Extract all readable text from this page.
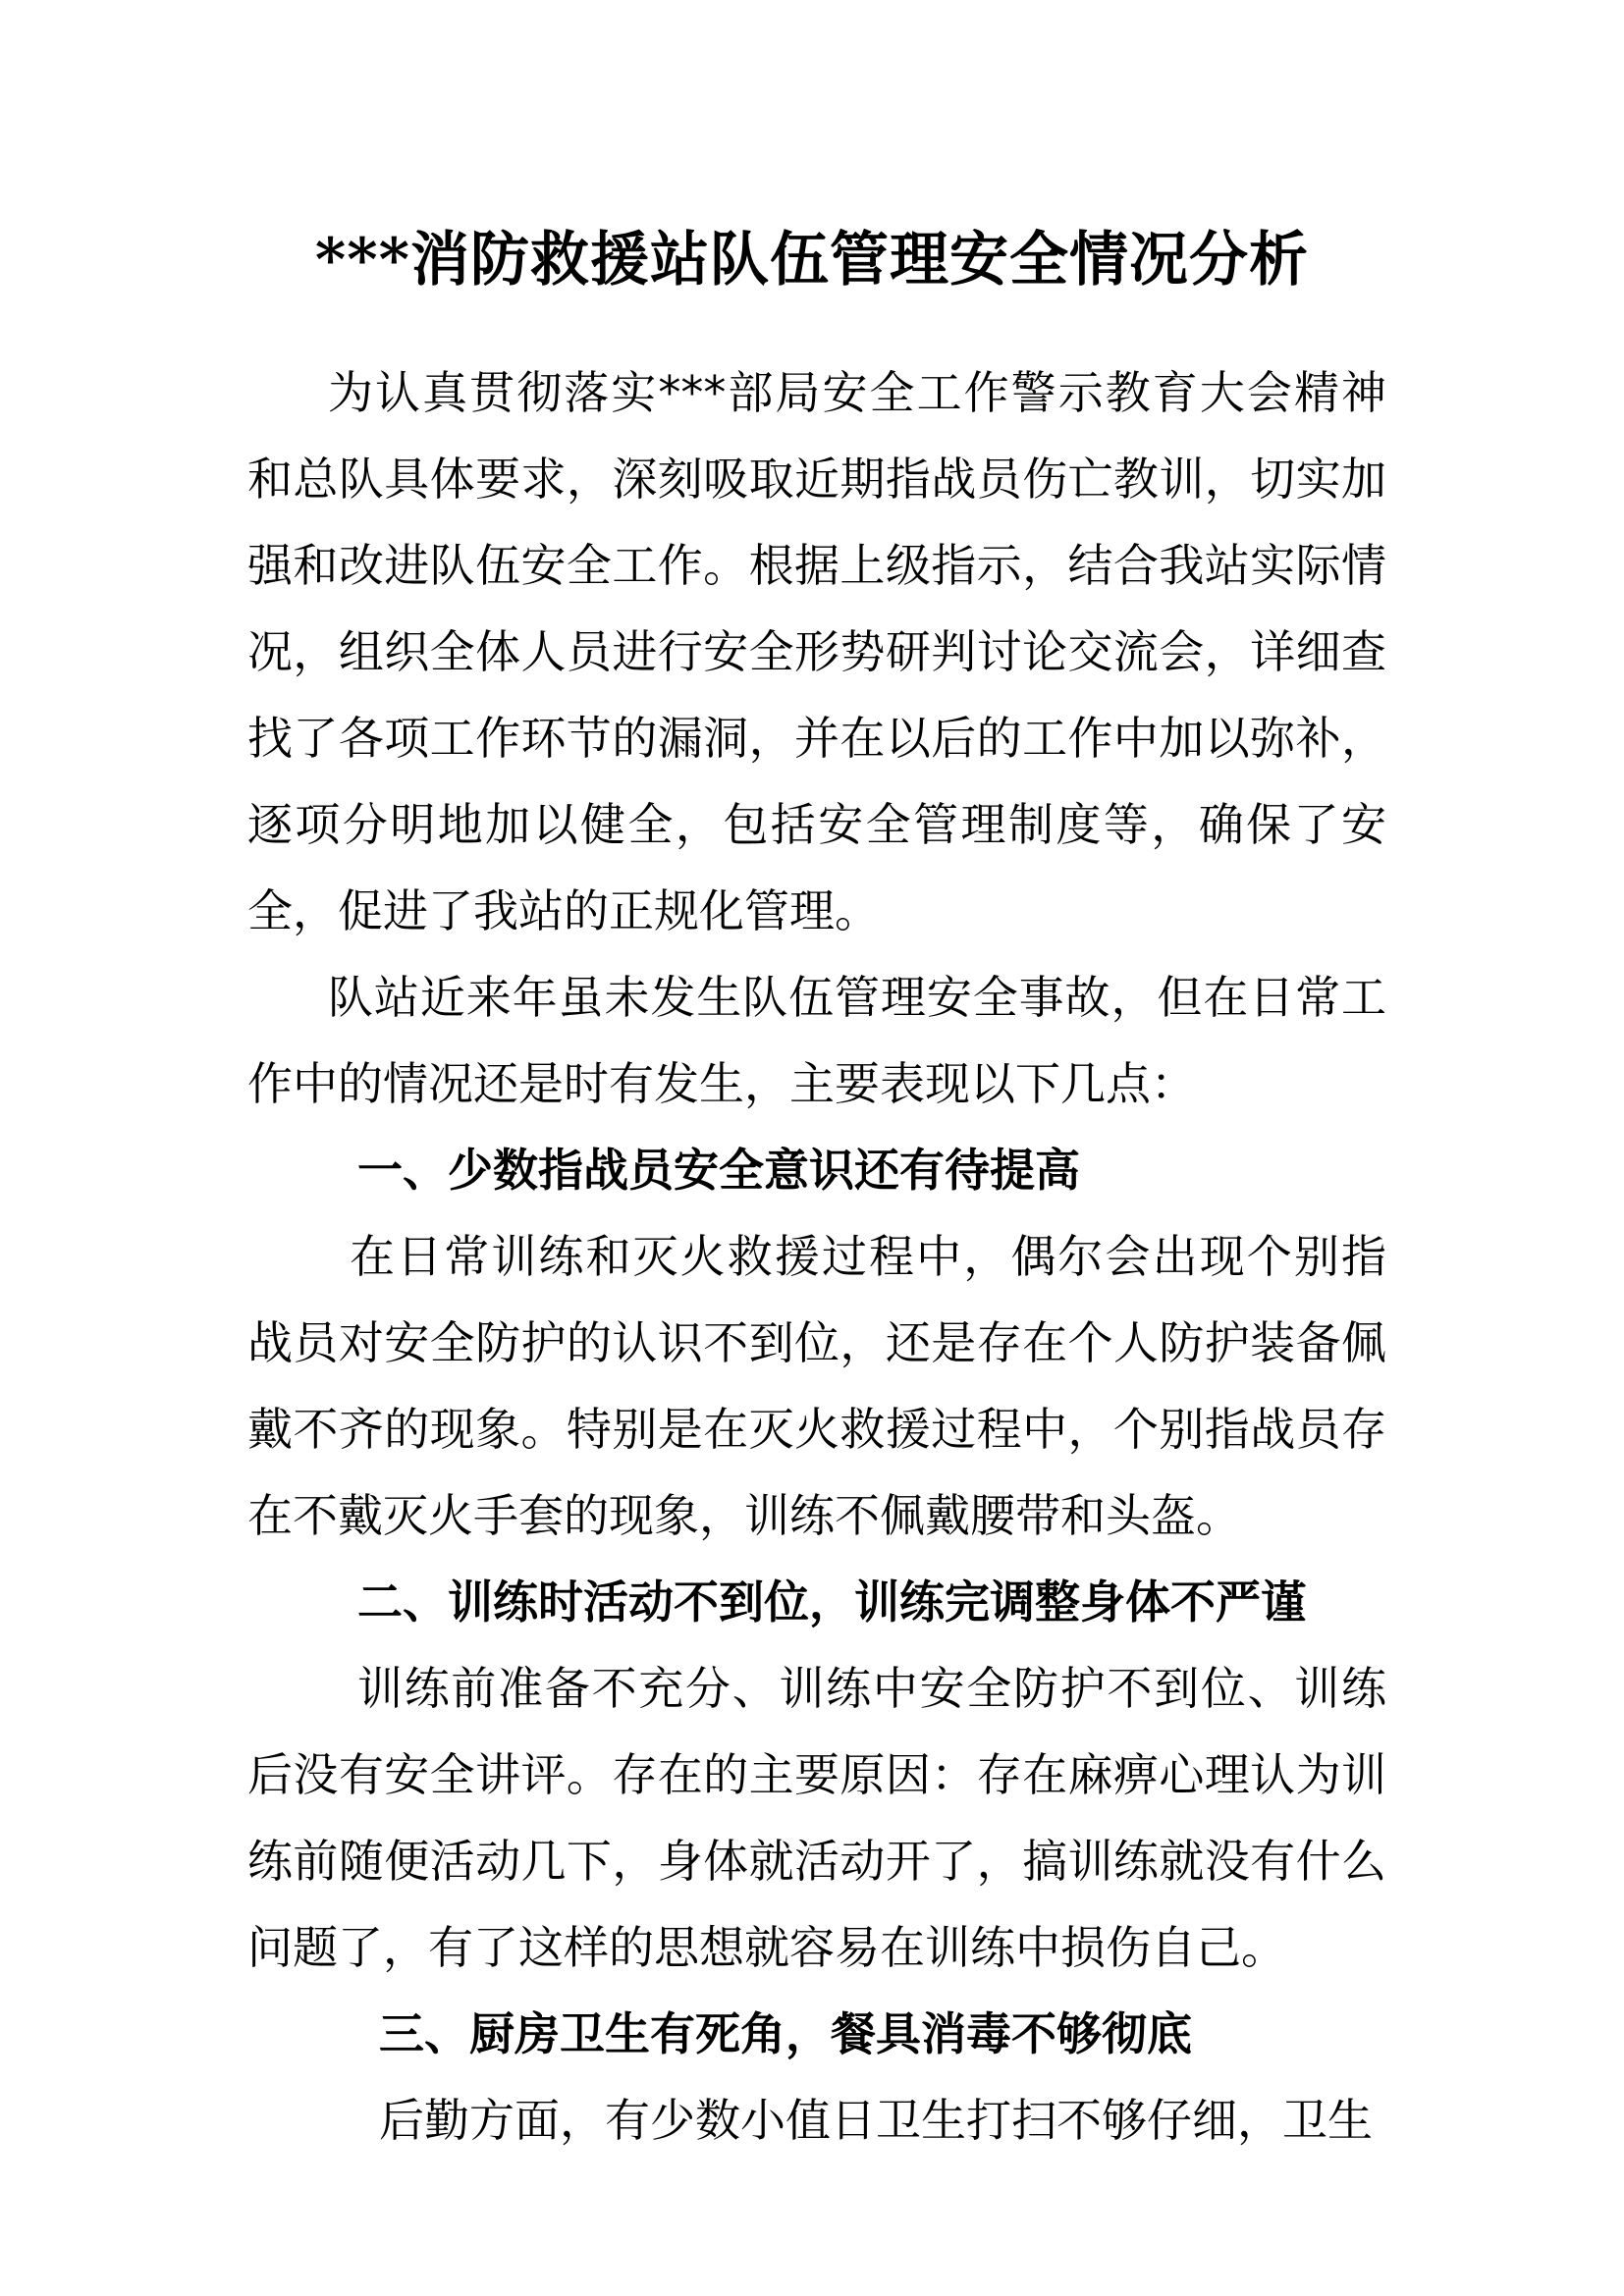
***消防救援站队伍管理安全情况分析

为认真贯彻落实***部局安全工作警示教育大会精神和总队具体要求，深刻吸取近期指战员伤亡教训，切实加强和改进队伍安全工作。根据上级指示，结合我站实际情况，组织全体人员进行安全形势研判讨论交流会，详细查找了各项工作环节的漏洞，并在以后的工作中加以弥补，逐项分明地加以健全，包括安全管理制度等，确保了安全，促进了我站的正规化管理。

队站近来年虽未发生队伍管理安全事故，但在日常工作中的情况还是时有发生，主要表现以下几点：

一、少数指战员安全意识还有待提高

在日常训练和灭火救援过程中，偶尔会出现个别指战员对安全防护的认识不到位，还是存在个人防护装备佩戴不齐的现象。特别是在灭火救援过程中，个别指战员存在不戴灭火手套的现象，训练不佩戴腰带和头盔。

二、训练时活动不到位，训练完调整身体不严谨

训练前准备不充分、训练中安全防护不到位、训练后没有安全讲评。存在的主要原因：存在麻痹心理认为训练前随便活动几下，身体就活动开了，搞训练就没有什么问题了，有了这样的思想就容易在训练中损伤自己。

三、厨房卫生有死角，餐具消毒不够彻底

后勤方面，有少数小值日卫生打扫不够仔细，卫生
